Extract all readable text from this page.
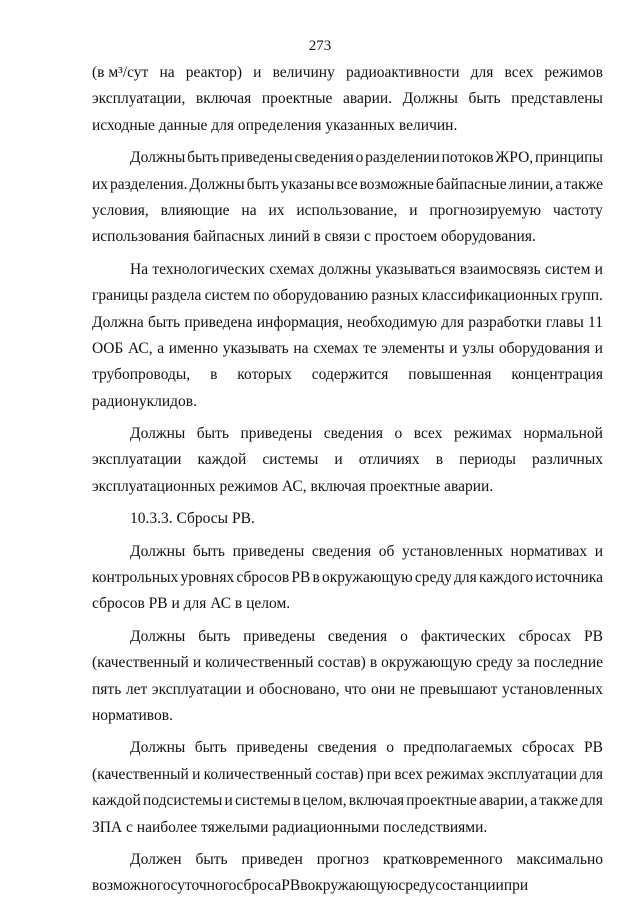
273
(в м³/сут на реактор) и величину радиоактивности для всех режимов
эксплуатации, включая проектные аварии. Должны быть представлены
исходные данные для определения указанных величин.
Должны быть приведены сведения о разделении потоков ЖРО, принципы
их разделения. Должны быть указаны все возможные байпасные линии, а также
условия, влияющие на их использование, и прогнозируемую частоту
использования байпасных линий в связи с простоем оборудования.
На технологических схемах должны указываться взаимосвязь систем и
границы раздела систем по оборудованию разных классификационных групп.
Должна быть приведена информация, необходимую для разработки главы 11
ООБ АС, а именно указывать на схемах те элементы и узлы оборудования и
трубопроводы, в которых содержится повышенная концентрация
радионуклидов.
Должны быть приведены сведения о всех режимах нормальной
эксплуатации каждой системы и отличиях в периоды различных
эксплуатационных режимов АС, включая проектные аварии.
10.3.3. Сбросы РВ.
Должны быть приведены сведения об установленных нормативах и
контрольных уровнях сбросов РВ в окружающую среду для каждого источника
сбросов РВ и для АС в целом.
Должны быть приведены сведения о фактических сбросах РВ
(качественный и количественный состав) в окружающую среду за последние
пять лет эксплуатации и обосновано, что они не превышают установленных
нормативов.
Должны быть приведены сведения о предполагаемых сбросах РВ
(качественный и количественный состав) при всех режимах эксплуатации для
каждой подсистемы и системы в целом, включая проектные аварии, а также для
ЗПА с наиболее тяжелыми радиационными последствиями.
Должен быть приведен прогноз кратковременного максимально
возможного суточного сброса РВ в окружающую среду со станции при
